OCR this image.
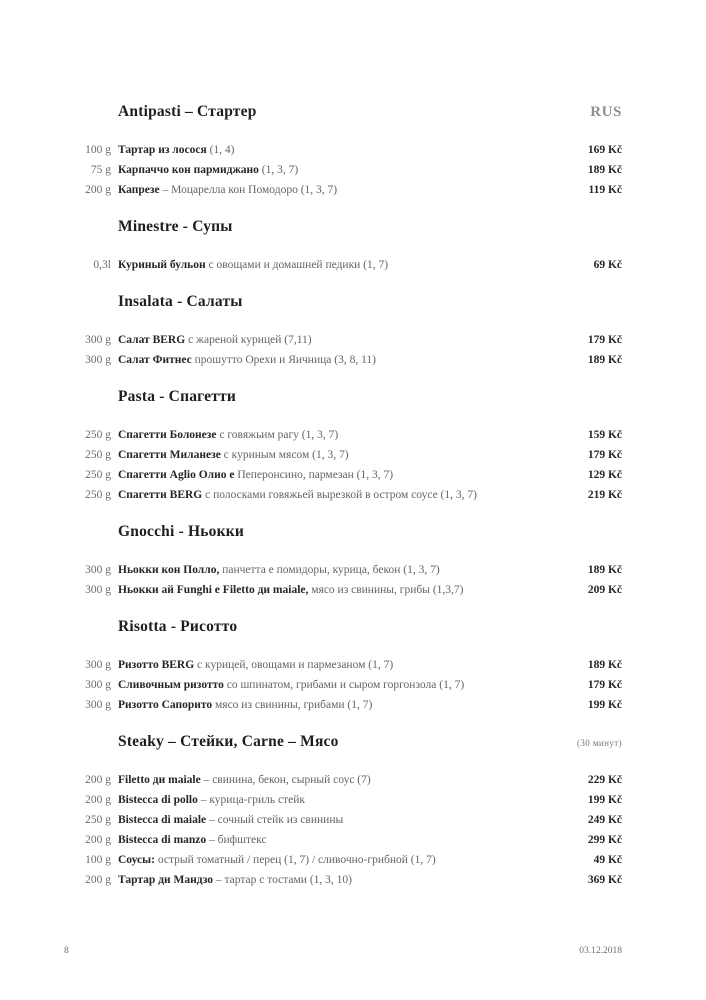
RUS
Antipasti – Стартер
100 g Тартар из лосося (1, 4)	169 Kč
75 g Карпаччо кон пармиджано (1, 3, 7)	189 Kč
200 g Капрезе – Моцарелла кон Помодоро (1, 3, 7)	119 Kč
Minestre - Супы
0,3l Куриный бульон с овощами и домашней педики (1, 7)	69 Kč
Insalata - Салаты
300 g Салат BERG с жареной курицей (7,11)	179 Kč
300 g Салат Фитнес прошутто Орехи и Яичница (3, 8, 11)	189 Kč
Pasta - Спагетти
250 g Спагетти Болонезе с говяжьим рагу (1, 3, 7)	159 Kč
250 g Спагетти Миланезе с куриным мясом (1, 3, 7)	179 Kč
250 g Спагетти Aglio Олио е Пеперонсино, пармезан (1, 3, 7)	129 Kč
250 g Спагетти BERG с полосками говяжьей вырезкой в остром соусе (1, 3, 7)	219 Kč
Gnocchi - Ньокки
300 g Ньокки кон Полло, панчетта е помидоры, курица, бекон (1, 3, 7)	189 Kč
300 g Ньокки ай Funghi e Filetto ди maiale, мясо из свинины, грибы (1,3,7)	209 Kč
Risotta - Рисотто
300 g Ризотто BERG с курицей, овощами и пармезаном (1, 7)	189 Kč
300 g Сливочным ризотто со шпинатом, грибами и сыром горгонзола (1, 7)	179 Kč
300 g Ризотто Сапорито мясо из свинины, грибами (1, 7)	199 Kč
Steaky – Стейки, Carne – Мясо	(30 минут)
200 g Filetto ди maiale – свинина, бекон, сырный соус (7)	229 Kč
200 g Bistecca di pollo – курица-гриль стейк	199 Kč
250 g Bistecca di maiale – сочный стейк из свинины	249 Kč
200 g Bistecca di manzo – бифштекс	299 Kč
100 g Соусы: острый томатный / перец (1, 7) / сливочно-грибной (1, 7)	49 Kč
200 g Тартар ди Мандзо – тартар с тостами (1, 3, 10)	369 Kč
8	03.12.2018
